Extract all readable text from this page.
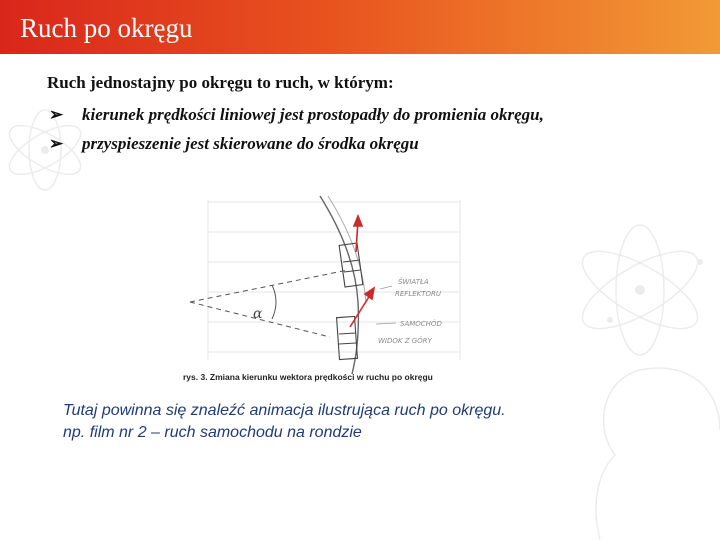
Ruch po okręgu
Ruch jednostajny po okręgu to ruch, w którym:
➢ kierunek prędkości liniowej jest prostopadły do promienia okręgu,
➢ przyspieszenie jest skierowane do środka okręgu
α
ŚWIATŁA
REFLEKTORU
SAMOCHÓD
WIDOK Z GÓRY
rys. 3. Zmiana kierunku wektora prędkości w ruchu po okręgu
Tutaj powinna się znaleźć animacja ilustrująca ruch po okręgu.
np. film nr 2 – ruch samochodu na rondzie
